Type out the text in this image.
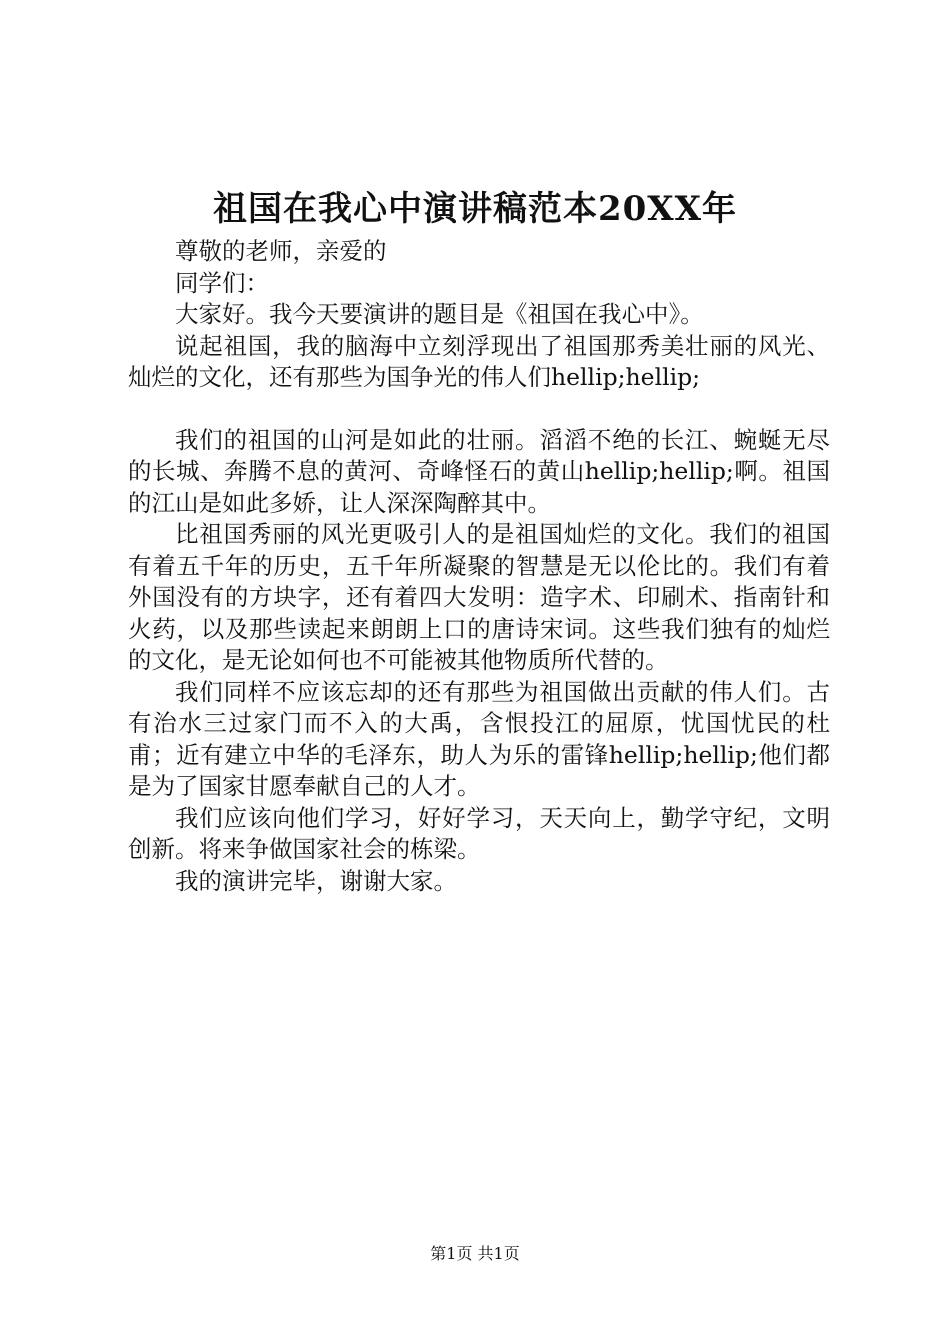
祖国在我心中演讲稿范本20XX年

尊敬的老师，亲爱的

同学们：

大家好。我今天要演讲的题目是《祖国在我心中》。

说起祖国，我的脑海中立刻浮现出了祖国那秀美壮丽的风光、灿烂的文化，还有那些为国争光的伟人们hellip;hellip;

我们的祖国的山河是如此的壮丽。滔滔不绝的长江、蜿蜒无尽的长城、奔腾不息的黄河、奇峰怪石的黄山hellip;hellip;啊。祖国的江山是如此多娇，让人深深陶醉其中。

比祖国秀丽的风光更吸引人的是祖国灿烂的文化。我们的祖国有着五千年的历史，五千年所凝聚的智慧是无以伦比的。我们有着外国没有的方块字，还有着四大发明：造字术、印刷术、指南针和火药，以及那些读起来朗朗上口的唐诗宋词。这些我们独有的灿烂的文化，是无论如何也不可能被其他物质所代替的。

我们同样不应该忘却的还有那些为祖国做出贡献的伟人们。古有治水三过家门而不入的大禹，含恨投江的屈原，忧国忧民的杜甫；近有建立中华的毛泽东，助人为乐的雷锋hellip;hellip;他们都是为了国家甘愿奉献自己的人才。

我们应该向他们学习，好好学习，天天向上，勤学守纪，文明创新。将来争做国家社会的栋梁。

我的演讲完毕，谢谢大家。

第1页 共1页
